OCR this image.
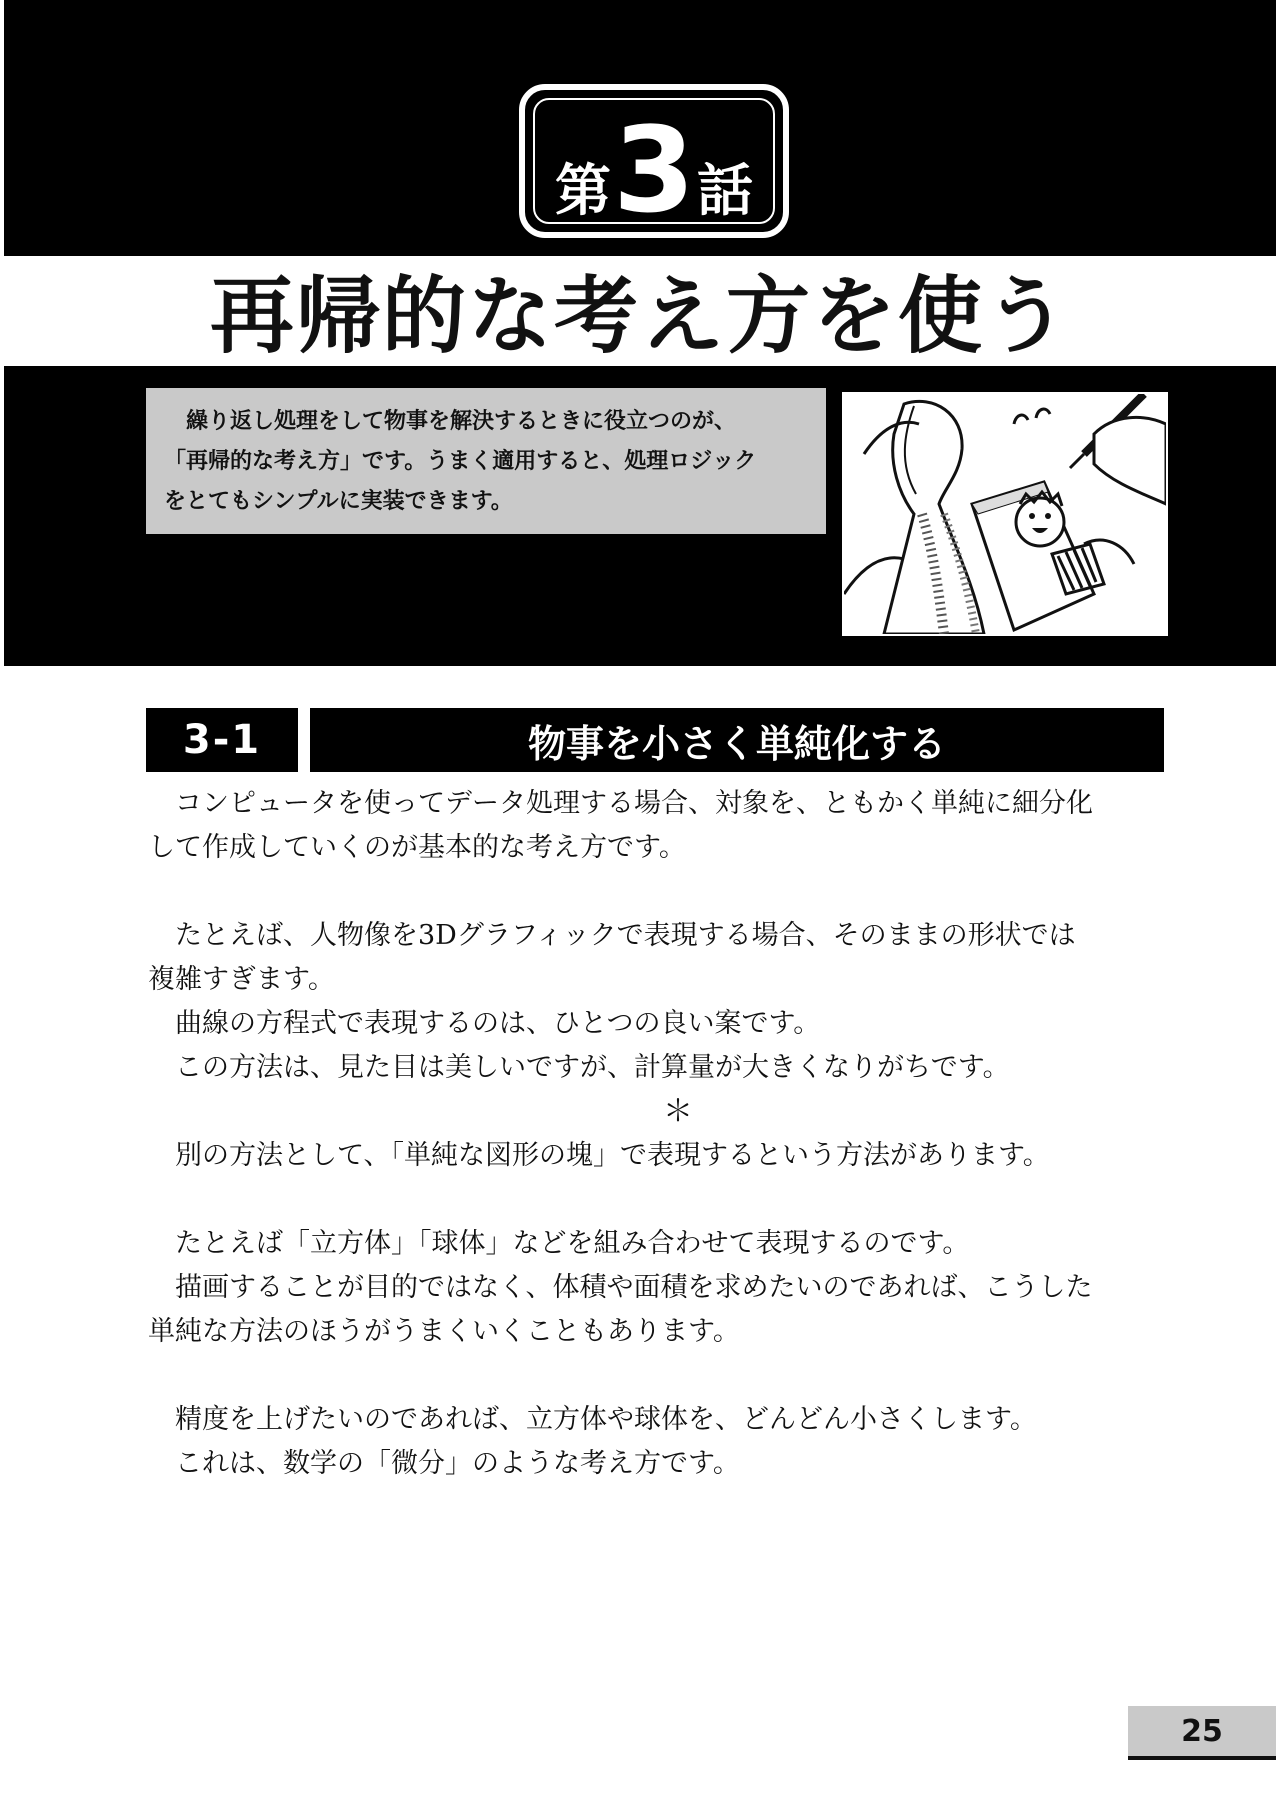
第 3 話
再帰的な考え方を使う
　繰り返し処理をして物事を解決するときに役立つのが、
「再帰的な考え方」です。うまく適用すると、処理ロジック
をとてもシンプルに実装できます。
3-1	物事を小さく単純化する
コンピュータを使ってデータ処理する場合、対象を、ともかく単純に細分化
して作成していくのが基本的な考え方です。
たとえば、人物像を3Dグラフィックで表現する場合、そのままの形状では
複雑すぎます。
曲線の方程式で表現するのは、ひとつの良い案です。
この方法は、見た目は美しいですが、計算量が大きくなりがちです。
＊
別の方法として、「単純な図形の塊」で表現するという方法があります。
たとえば「立方体」「球体」などを組み合わせて表現するのです。
描画することが目的ではなく、体積や面積を求めたいのであれば、こうした
単純な方法のほうがうまくいくこともあります。
精度を上げたいのであれば、立方体や球体を、どんどん小さくします。
これは、数学の「微分」のような考え方です。
25
